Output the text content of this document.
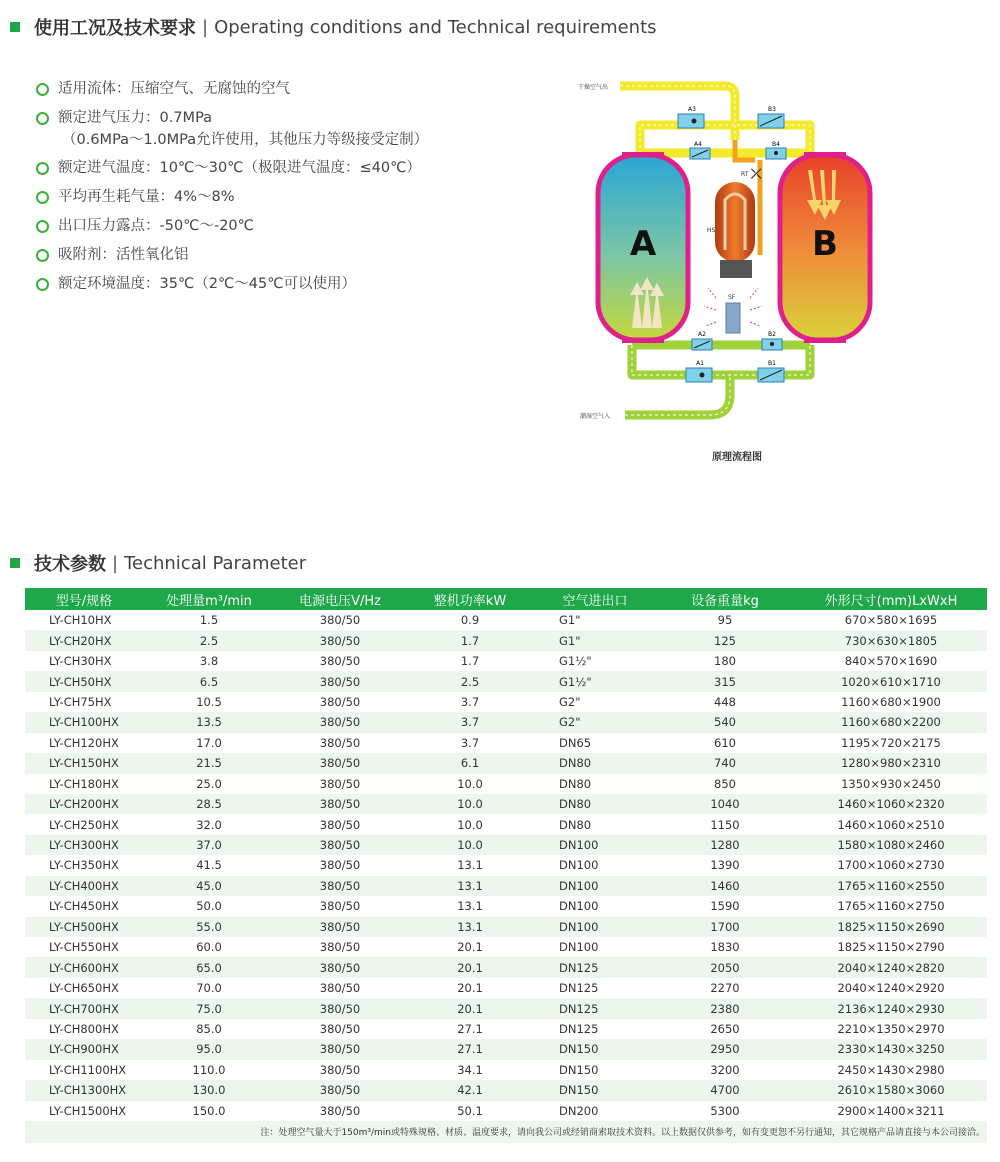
使用工况及技术要求 | Operating conditions and Technical requirements
适用流体：压缩空气、无腐蚀的空气
额定进气压力：0.7MPa
（0.6MPa～1.0MPa允许使用，其他压力等级接受定制）
额定进气温度：10℃～30℃（极限进气温度：≤40℃）
平均再生耗气量：4%～8%
出口压力露点：-50℃～-20℃
吸附剂：活性氧化铝
额定环境温度：35℃（2℃～45℃可以使用）
A	B
HS
RT ⤫
SF
A3	B3
A4	B4
A2	B2
A1	B1
干燥空气出
潮湿空气入
原理流程图
技术参数 | Technical Parameter
型号/规格	处理量m³/min	电源电压V/Hz	整机功率kW	空气进出口	设备重量kg	外形尺寸(mm)LxWxH
LY-CH10HX	1.5	380/50	0.9	G1"	95	670×580×1695
LY-CH20HX	2.5	380/50	1.7	G1"	125	730×630×1805
LY-CH30HX	3.8	380/50	1.7	G1½"	180	840×570×1690
LY-CH50HX	6.5	380/50	2.5	G1½"	315	1020×610×1710
LY-CH75HX	10.5	380/50	3.7	G2"	448	1160×680×1900
LY-CH100HX	13.5	380/50	3.7	G2"	540	1160×680×2200
LY-CH120HX	17.0	380/50	3.7	DN65	610	1195×720×2175
LY-CH150HX	21.5	380/50	6.1	DN80	740	1280×980×2310
LY-CH180HX	25.0	380/50	10.0	DN80	850	1350×930×2450
LY-CH200HX	28.5	380/50	10.0	DN80	1040	1460×1060×2320
LY-CH250HX	32.0	380/50	10.0	DN80	1150	1460×1060×2510
LY-CH300HX	37.0	380/50	10.0	DN100	1280	1580×1080×2460
LY-CH350HX	41.5	380/50	13.1	DN100	1390	1700×1060×2730
LY-CH400HX	45.0	380/50	13.1	DN100	1460	1765×1160×2550
LY-CH450HX	50.0	380/50	13.1	DN100	1590	1765×1160×2750
LY-CH500HX	55.0	380/50	13.1	DN100	1700	1825×1150×2690
LY-CH550HX	60.0	380/50	20.1	DN100	1830	1825×1150×2790
LY-CH600HX	65.0	380/50	20.1	DN125	2050	2040×1240×2820
LY-CH650HX	70.0	380/50	20.1	DN125	2270	2040×1240×2920
LY-CH700HX	75.0	380/50	20.1	DN125	2380	2136×1240×2930
LY-CH800HX	85.0	380/50	27.1	DN125	2650	2210×1350×2970
LY-CH900HX	95.0	380/50	27.1	DN150	2950	2330×1430×3250
LY-CH1100HX	110.0	380/50	34.1	DN150	3200	2450×1430×2980
LY-CH1300HX	130.0	380/50	42.1	DN150	4700	2610×1580×3060
LY-CH1500HX	150.0	380/50	50.1	DN200	5300	2900×1400×3211
注：处理空气量大于150m³/min或特殊规格、材质、温度要求，请向我公司或经销商索取技术资料。以上数据仅供参考，如有变更恕不另行通知，其它规格产品请直接与本公司接洽。						
